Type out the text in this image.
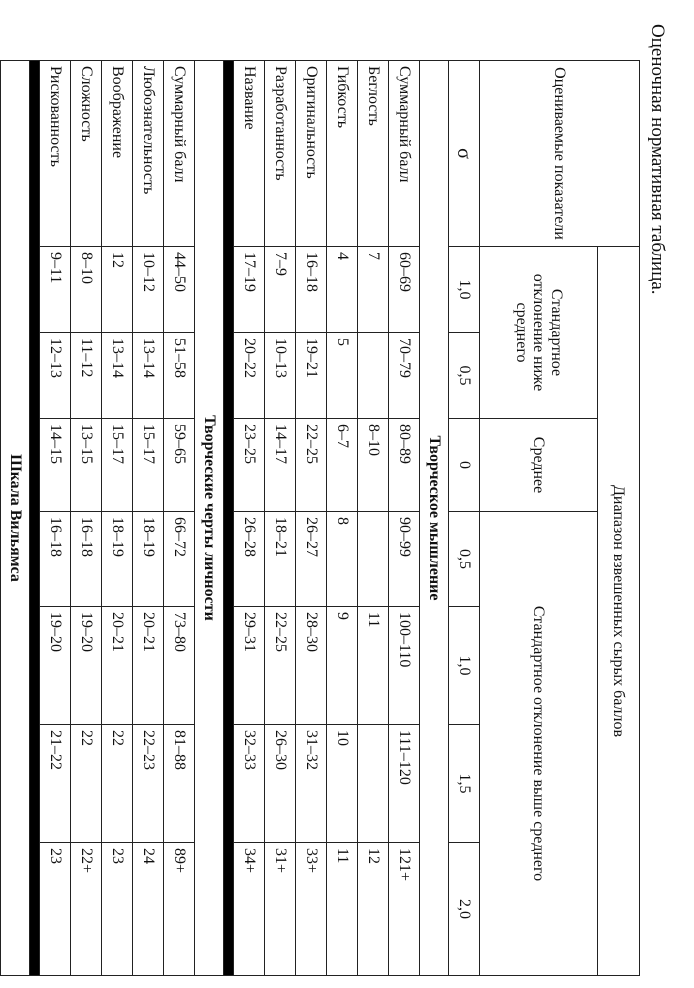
Оценочная нормативная таблица.
Оцениваемые показатели	Диапазон взвешенных сырых баллов						
	Стандартное отклонение ниже среднего		Среднее	Стандартное отклонение выше среднего			
σ	1,0	0,5	0	0,5	1,0	1,5	2,0
Творческое мышление							
Суммарный балл	60–69	70–79	80–89	90–99	100–110	111–120	121+
Беглость	7		8–10		11		12
Гибкость	4	5	6–7	8	9	10	11
Оригинальность	16–18	19–21	22–25	26–27	28–30	31–32	33+
Разработанность	7–9	10–13	14–17	18–21	22–25	26–30	31+
Название	17–19	20–22	23–25	26–28	29–31	32–33	34+

Творческие черты личности							
Суммарный балл	44–50	51–58	59–65	66–72	73–80	81–88	89+
Любознательность	10–12	13–14	15–17	18–19	20–21	22–23	24
Воображение	12	13–14	15–17	18–19	20–21	22	23
Сложность	8–10	11–12	13–15	16–18	19–20	22	22+
Рискованность	9–11	12–13	14–15	16–18	19–20	21–22	23

Шкала Вильямса							
